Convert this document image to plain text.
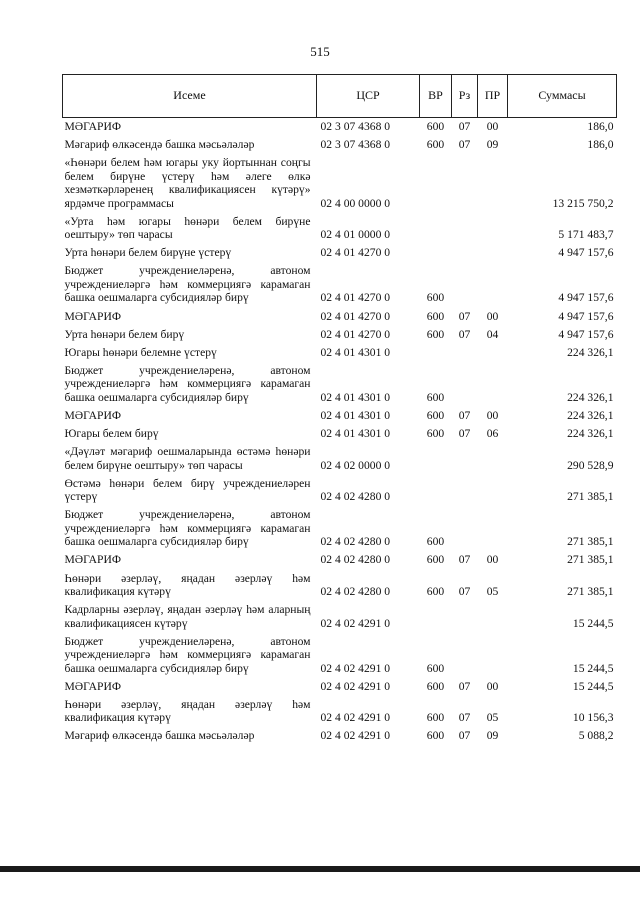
515
Исеме	ЦСР	ВР	Рз	ПР	Суммасы
МӘГАРИФ	02 3 07 4368 0	600	07	00	186,0
Мәгариф өлкәсендә башка мәсьәләләр	02 3 07 4368 0	600	07	09	186,0
«Һөнәри белем һәм югары уку йортыннан соңгы белем бирүне үстерү һәм әлеге өлкә хезмәткәрләренең квалификациясен күтәрү» ярдәмче программасы	02 4 00 0000 0				13 215 750,2
«Урта һәм югары һөнәри белем бирүне оештыру» төп чарасы	02 4 01 0000 0				5 171 483,7
Урта һөнәри белем бирүне үстерү	02 4 01 4270 0				4 947 157,6
Бюджет учреждениеләренә, автоном учреждениеләргә һәм коммерциягә карамаган башка оешмаларга субсидияләр бирү	02 4 01 4270 0	600			4 947 157,6
МӘГАРИФ	02 4 01 4270 0	600	07	00	4 947 157,6
Урта һөнәри белем бирү	02 4 01 4270 0	600	07	04	4 947 157,6
Югары һөнәри белемне үстерү	02 4 01 4301 0				224 326,1
Бюджет учреждениеләренә, автоном учреждениеләргә һәм коммерциягә карамаган башка оешмаларга субсидияләр бирү	02 4 01 4301 0	600			224 326,1
МӘГАРИФ	02 4 01 4301 0	600	07	00	224 326,1
Югары белем бирү	02 4 01 4301 0	600	07	06	224 326,1
«Дәүләт мәгариф оешмаларында өстәмә һөнәри белем бирүне оештыру» төп чарасы	02 4 02 0000 0				290 528,9
Өстәмә һөнәри белем бирү учреждениеләрен үстерү	02 4 02 4280 0				271 385,1
Бюджет учреждениеләренә, автоном учреждениеләргә һәм коммерциягә карамаган башка оешмаларга субсидияләр бирү	02 4 02 4280 0	600			271 385,1
МӘГАРИФ	02 4 02 4280 0	600	07	00	271 385,1
Һөнәри әзерләү, яңадан әзерләү һәм квалификация күтәрү	02 4 02 4280 0	600	07	05	271 385,1
Кадрларны әзерләү, яңадан әзерләү һәм аларның квалификациясен күтәрү	02 4 02 4291 0				15 244,5
Бюджет учреждениеләренә, автоном учреждениеләргә һәм коммерциягә карамаган башка оешмаларга субсидияләр бирү	02 4 02 4291 0	600			15 244,5
МӘГАРИФ	02 4 02 4291 0	600	07	00	15 244,5
Һөнәри әзерләү, яңадан әзерләү һәм квалификация күтәрү	02 4 02 4291 0	600	07	05	10 156,3
Мәгариф өлкәсендә башка мәсьәләләр	02 4 02 4291 0	600	07	09	5 088,2
